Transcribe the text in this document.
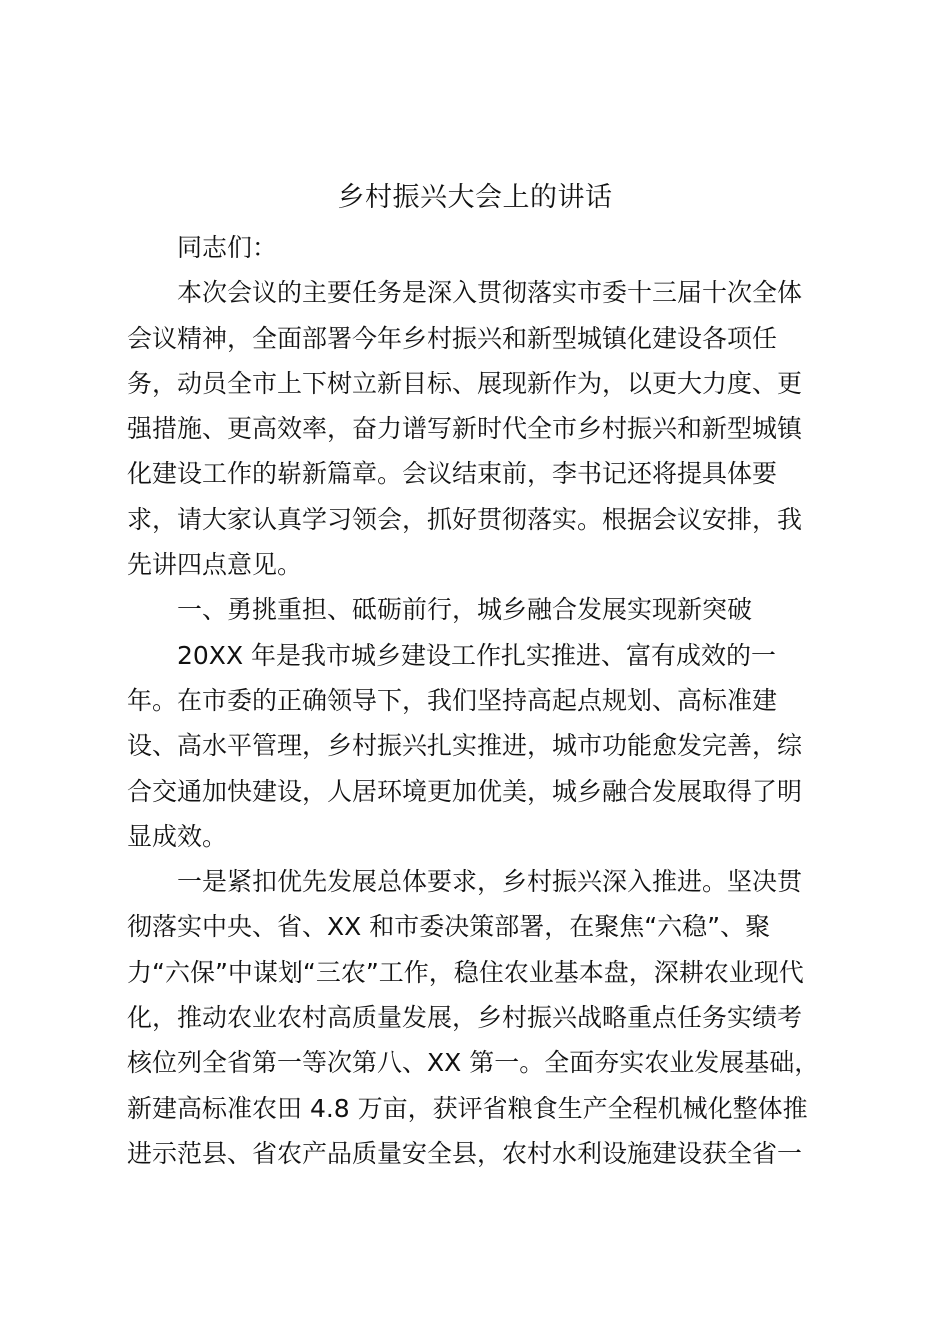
乡村振兴大会上的讲话
同志们：
本次会议的主要任务是深入贯彻落实市委十三届十次全体
会议精神，全面部署今年乡村振兴和新型城镇化建设各项任
务，动员全市上下树立新目标、展现新作为，以更大力度、更
强措施、更高效率，奋力谱写新时代全市乡村振兴和新型城镇
化建设工作的崭新篇章。会议结束前，李书记还将提具体要
求，请大家认真学习领会，抓好贯彻落实。根据会议安排，我
先讲四点意见。
一、勇挑重担、砥砺前行，城乡融合发展实现新突破
20XX 年是我市城乡建设工作扎实推进、富有成效的一
年。在市委的正确领导下，我们坚持高起点规划、高标准建
设、高水平管理，乡村振兴扎实推进，城市功能愈发完善，综
合交通加快建设，人居环境更加优美，城乡融合发展取得了明
显成效。
一是紧扣优先发展总体要求，乡村振兴深入推进。坚决贯
彻落实中央、省、XX 和市委决策部署，在聚焦“六稳”、聚
力“六保”中谋划“三农”工作，稳住农业基本盘，深耕农业现代
化，推动农业农村高质量发展，乡村振兴战略重点任务实绩考
核位列全省第一等次第八、XX 第一。全面夯实农业发展基础，
新建高标准农田 4.8 万亩，获评省粮食生产全程机械化整体推
进示范县、省农产品质量安全县，农村水利设施建设获全省一
